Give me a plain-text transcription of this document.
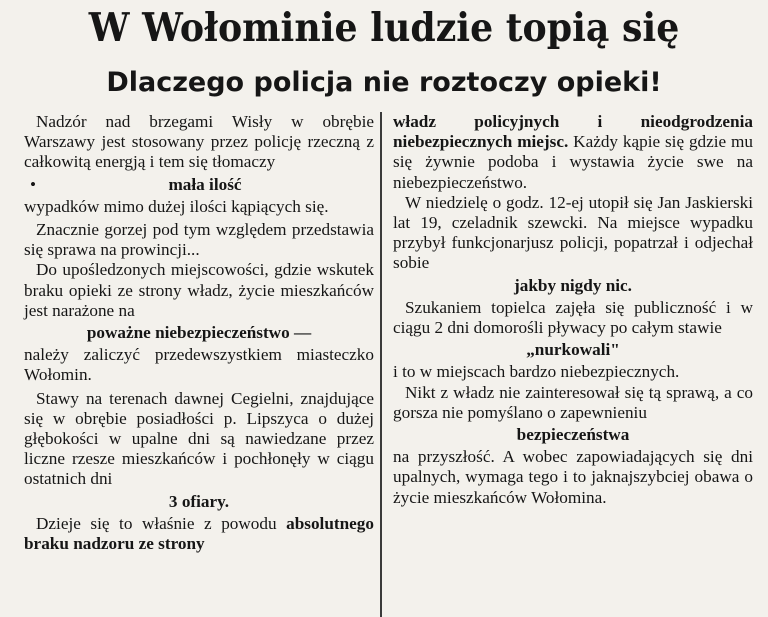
W Wołominie ludzie topią się
Dlaczego policja nie roztoczy opieki!

Nadzór nad brzegami Wisły w obrębie Warszawy jest stosowany przez policję rzeczną z całkowitą energją i tem się tłomaczy

•	mała ilość

wypadków mimo dużej ilości kąpiących się.

Znacznie gorzej pod tym względem przedstawia się sprawa na prowincji...

Do upośledzonych miejscowości, gdzie wskutek braku opieki ze strony władz, życie mieszkańców jest narażone na

poważne niebezpieczeństwo —

należy zaliczyć przedewszystkiem miasteczko Wołomin.

Stawy na terenach dawnej Cegielni, znajdujące się w obrębie posiadłości p. Lipszyca o dużej głębokości w upalne dni są nawiedzane przez liczne rzesze mieszkańców i pochłonęły w ciągu ostatnich dni

3 ofiary.

Dzieje się to właśnie z powodu absolutnego braku nadzoru ze strony

władz policyjnych i nieodgrodzenia niebezpiecznych miejsc. Każdy kąpie się gdzie mu się żywnie podoba i wystawia życie swe na niebezpieczeństwo.

W niedzielę o godz. 12-ej utopił się Jan Jaskierski lat 19, czeladnik szewcki. Na miejsce wypadku przybył funkcjonarjusz policji, popatrzał i odjechał sobie

jakby nigdy nic.

Szukaniem topielca zajęła się publiczność i w ciągu 2 dni domorośli pływacy po całym stawie

„nurkowali"

i to w miejscach bardzo niebezpiecznych.

Nikt z władz nie zainteresował się tą sprawą, a co gorsza nie pomyślano o zapewnieniu

bezpieczeństwa

na przyszłość. A wobec zapowiadających się dni upalnych, wymaga tego i to jaknajszybciej obawa o życie mieszkańców Wołomina.
